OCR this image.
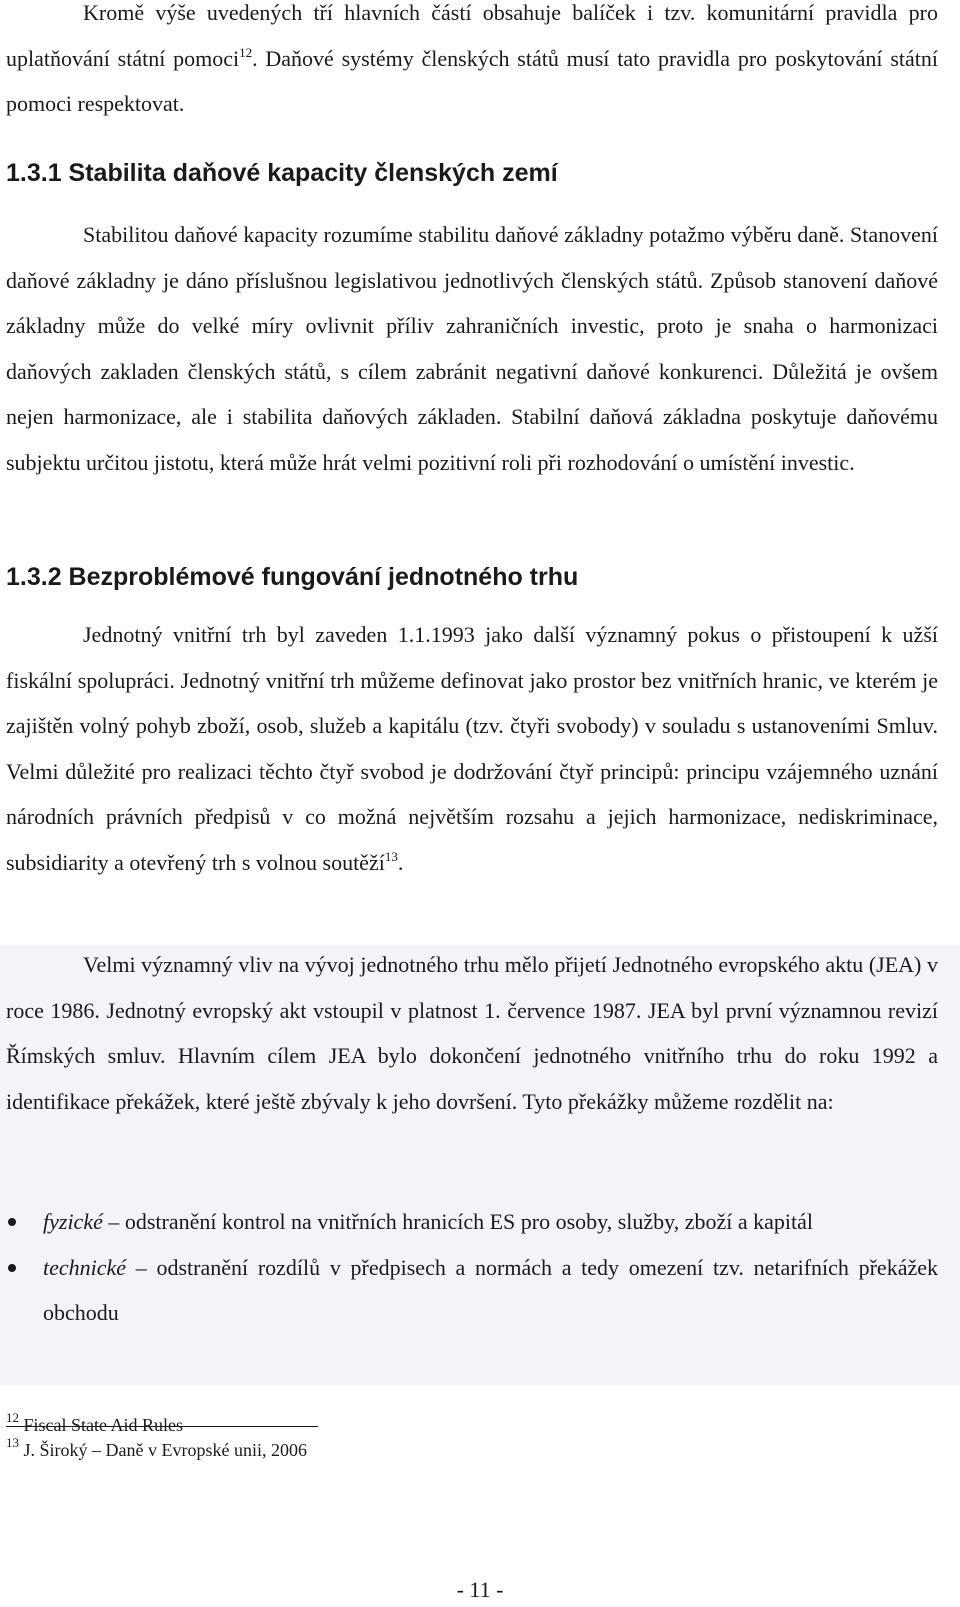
Kromě výše uvedených tří hlavních částí obsahuje balíček i tzv. komunitární pravidla pro uplatňování státní pomoci$^{12}$. Daňové systémy členských států musí tato pravidla pro poskytování státní pomoci respektovat.

1.3.1 Stabilita daňové kapacity členských zemí

Stabilitou daňové kapacity rozumíme stabilitu daňové základny potažmo výběru daně. Stanovení daňové základny je dáno příslušnou legislativou jednotlivých členských států. Způsob stanovení daňové základny může do velké míry ovlivnit příliv zahraničních investic, proto je snaha o harmonizaci daňových zakladen členských států, s cílem zabránit negativní daňové konkurenci. Důležitá je ovšem nejen harmonizace, ale i stabilita daňových základen. Stabilní daňová základna poskytuje daňovému subjektu určitou jistotu, která může hrát velmi pozitivní roli při rozhodování o umístění investic.

1.3.2 Bezproblémové fungování jednotného trhu

Jednotný vnitřní trh byl zaveden 1.1.1993 jako další významný pokus o přistoupení k užší fiskální spolupráci. Jednotný vnitřní trh můžeme definovat jako prostor bez vnitřních hranic, ve kterém je zajištěn volný pohyb zboží, osob, služeb a kapitálu (tzv. čtyři svobody) v souladu s ustanoveními Smluv. Velmi důležité pro realizaci těchto čtyř svobod je dodržování čtyř principů: principu vzájemného uznání národních právních předpisů v co možná největším rozsahu a jejich harmonizace, nediskriminace, subsidiarity a otevřený trh s volnou soutěží$^{13}$.

Velmi významný vliv na vývoj jednotného trhu mělo přijetí Jednotného evropského aktu (JEA) v roce 1986. Jednotný evropský akt vstoupil v platnost 1. července 1987. JEA byl první významnou revizí Římských smluv. Hlavním cílem JEA bylo dokončení jednotného vnitřního trhu do roku 1992 a identifikace překážek, které ještě zbývaly k jeho dovršení. Tyto překážky můžeme rozdělit na:

fyzické – odstranění kontrol na vnitřních hranicích ES pro osoby, služby, zboží a kapitál
technické – odstranění rozdílů v předpisech a normách a tedy omezení tzv. netarifních překážek obchodu

$^{12}$ Fiscal State Aid Rules

$^{13}$ J. Široký – Daně v Evropské unii, 2006

- 11 -
